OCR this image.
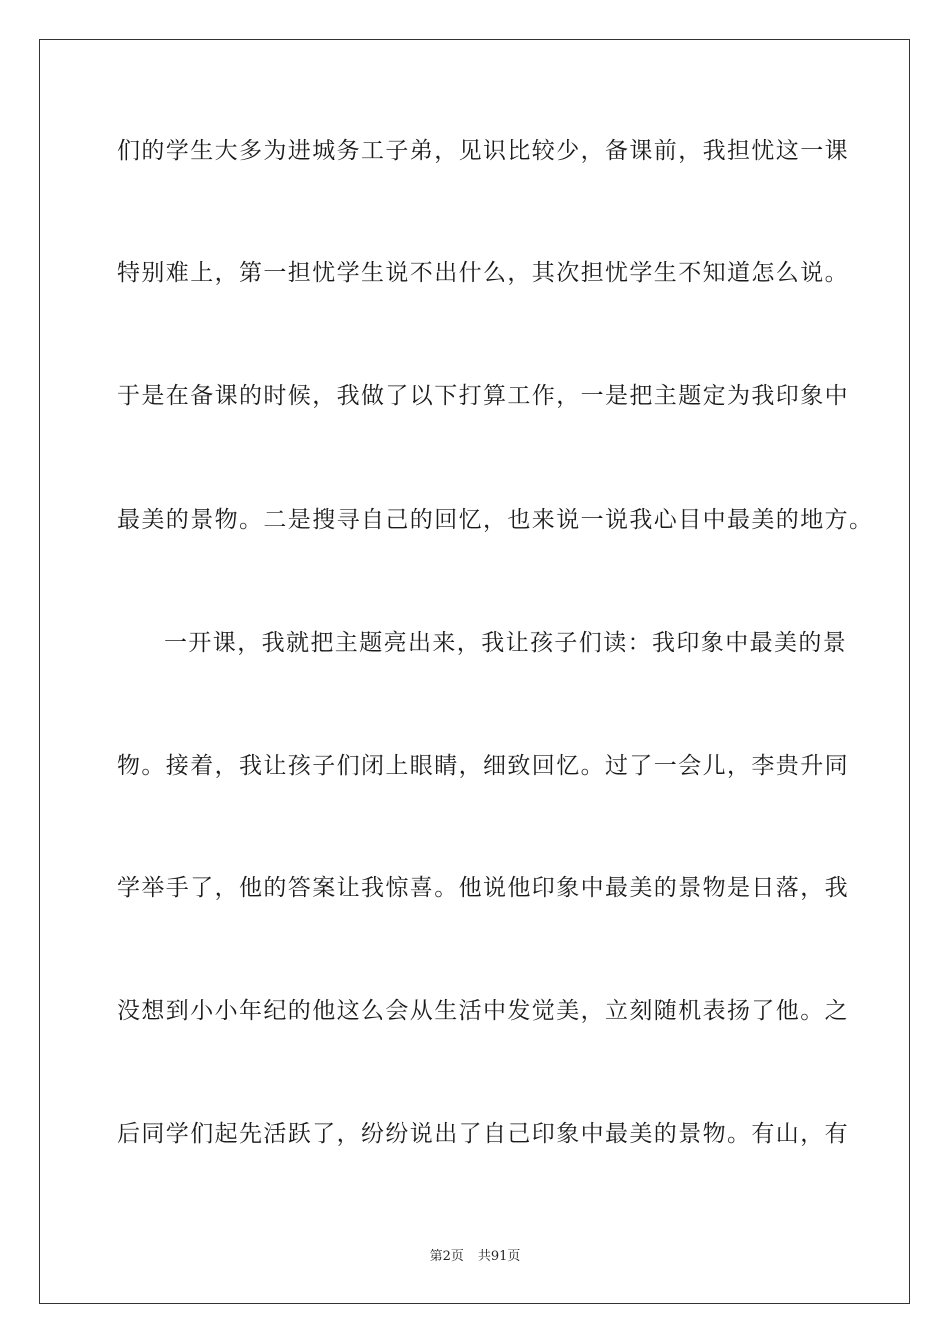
们的学生大多为进城务工子弟，见识比较少，备课前，我担忧这一课
特别难上，第一担忧学生说不出什么，其次担忧学生不知道怎么说。
于是在备课的时候，我做了以下打算工作，一是把主题定为我印象中
最美的景物。二是搜寻自己的回忆，也来说一说我心目中最美的地方。
一开课，我就把主题亮出来，我让孩子们读：我印象中最美的景
物。接着，我让孩子们闭上眼睛，细致回忆。过了一会儿，李贵升同
学举手了，他的答案让我惊喜。他说他印象中最美的景物是日落，我
没想到小小年纪的他这么会从生活中发觉美，立刻随机表扬了他。之
后同学们起先活跃了，纷纷说出了自己印象中最美的景物。有山，有
第2页 共91页
